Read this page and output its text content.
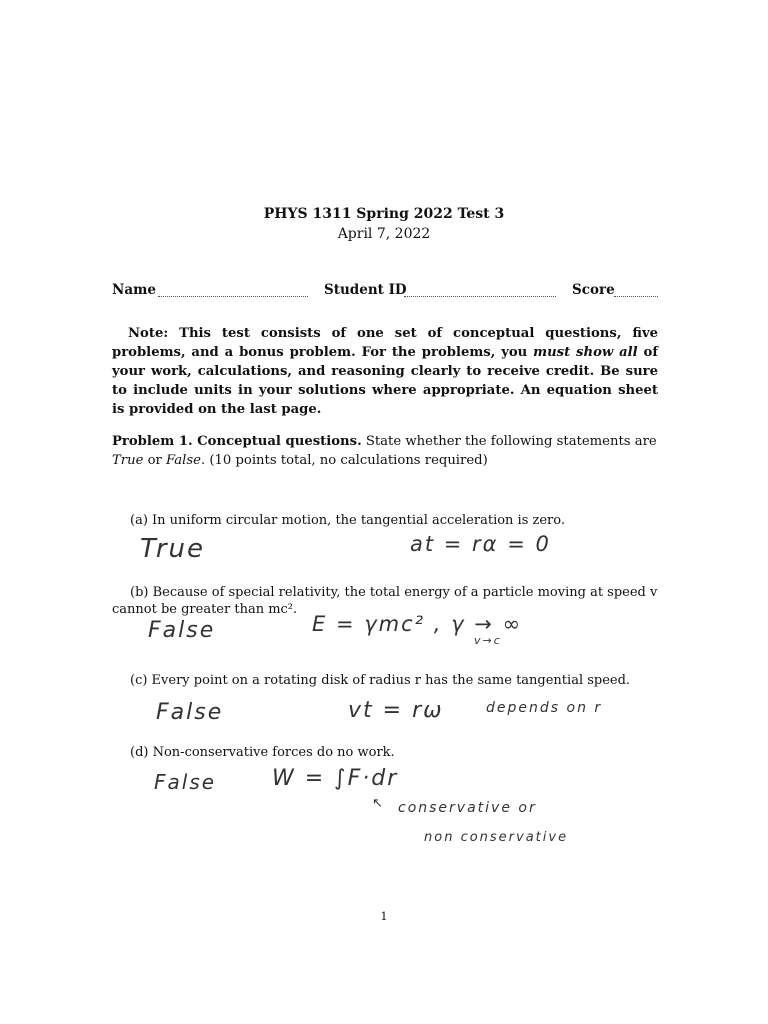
PHYS 1311 Spring 2022 Test 3
April 7, 2022
Name	Student ID	Score
Note: This test consists of one set of conceptual questions, five problems, and a bonus problem. For the problems, you must show all of your work, calculations, and reasoning clearly to receive credit. Be sure to include units in your solutions where appropriate. An equation sheet is provided on the last page.
Problem 1. Conceptual questions. State whether the following statements are True or False. (10 points total, no calculations required)
(a) In uniform circular motion, the tangential acceleration is zero.
True	at = rα = 0
(b) Because of special relativity, the total energy of a particle moving at speed v cannot be greater than mc².
False	E = γmc² , γ → ∞
v→c
(c) Every point on a rotating disk of radius r has the same tangential speed.
False	vt = rω	depends on r
(d) Non-conservative forces do no work.
False	W = ∫F·dr
↖ conservative or
non conservative
1
